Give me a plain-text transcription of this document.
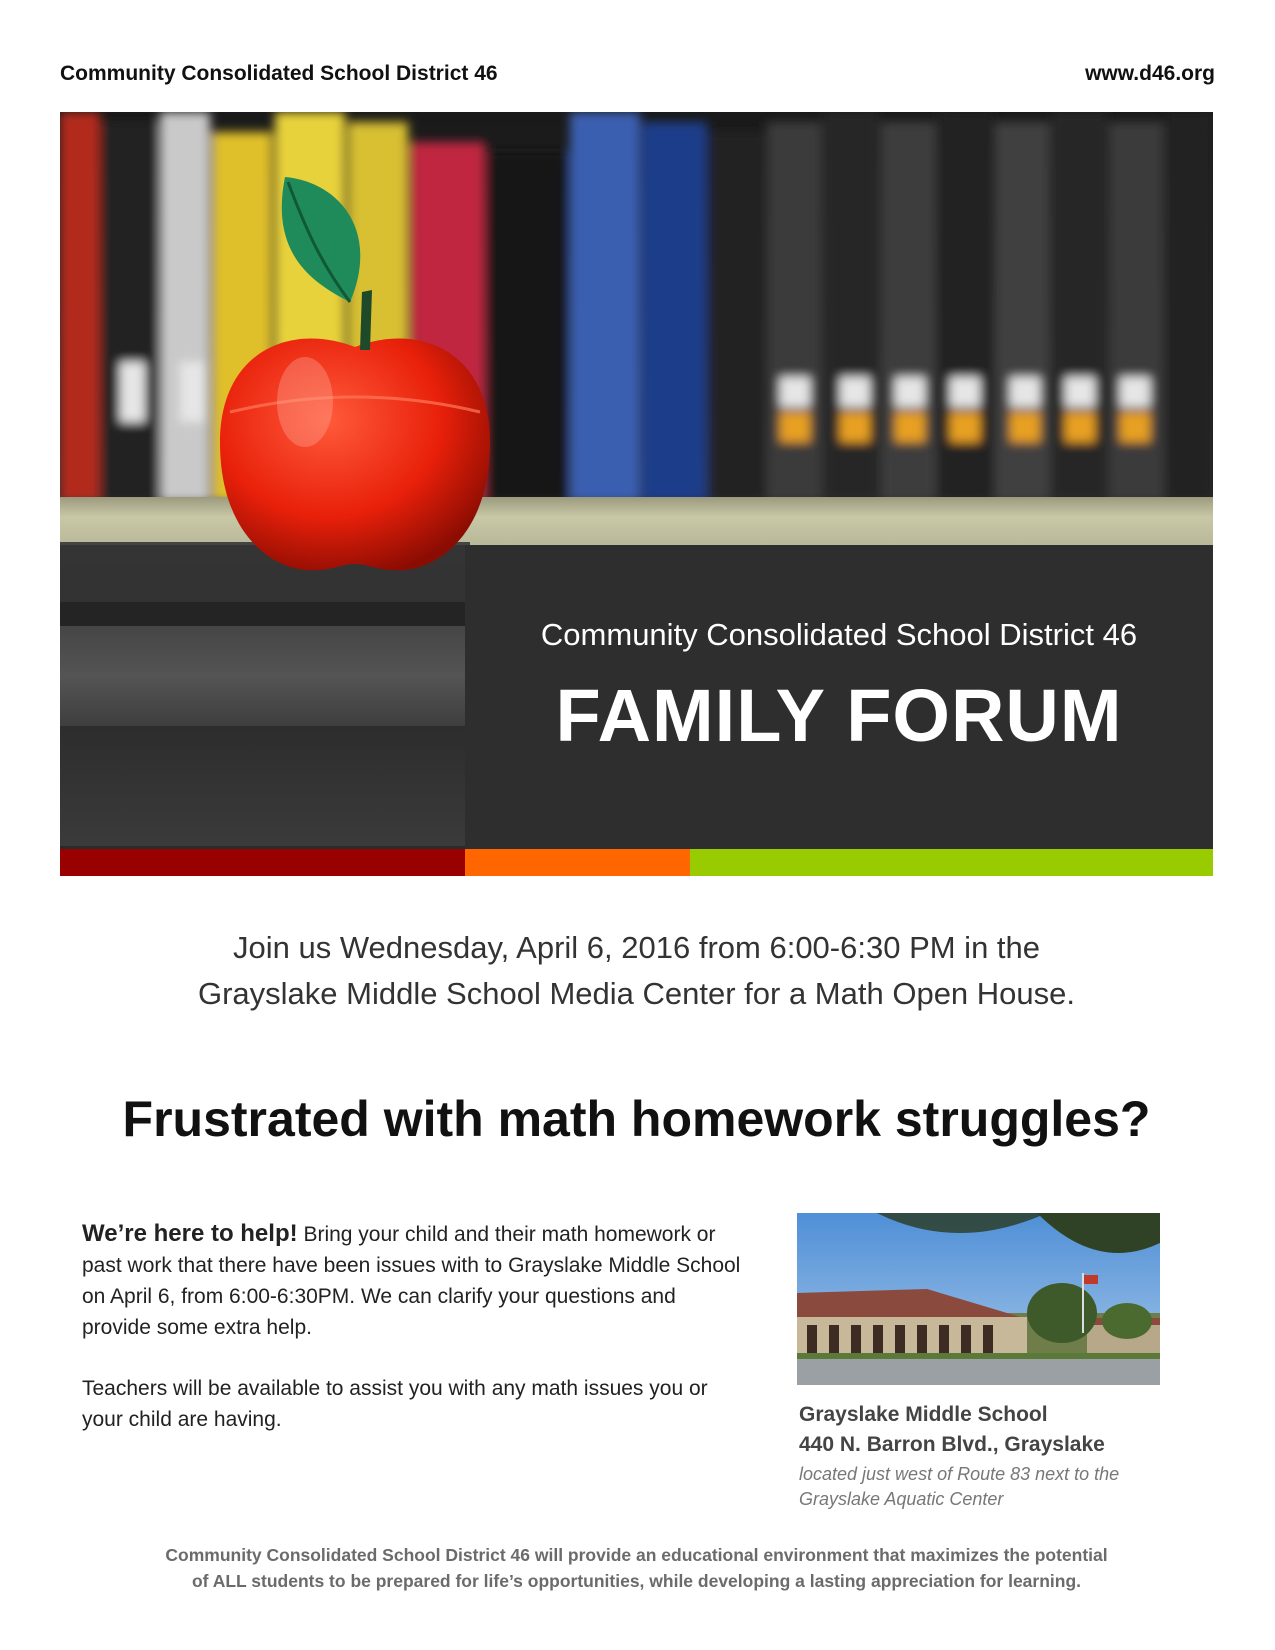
Community Consolidated School District 46	www.d46.org
Community Consolidated School District 46
FAMILY FORUM
Join us Wednesday, April 6, 2016 from 6:00-6:30 PM in the
Grayslake Middle School Media Center for a Math Open House.
Frustrated with math homework struggles?

We’re here to help! Bring your child and their math homework or past work that there have been issues with to Grayslake Middle School on April 6, from 6:00-6:30PM. We can clarify your questions and provide some extra help.

Teachers will be available to assist you with any math issues you or your child are having.	Grayslake Middle School
440 N. Barron Blvd., Grayslake
located just west of Route 83 next to the
Grayslake Aquatic Center
Community Consolidated School District 46 will provide an educational environment that maximizes the potential
of ALL students to be prepared for life’s opportunities, while developing a lasting appreciation for learning.
